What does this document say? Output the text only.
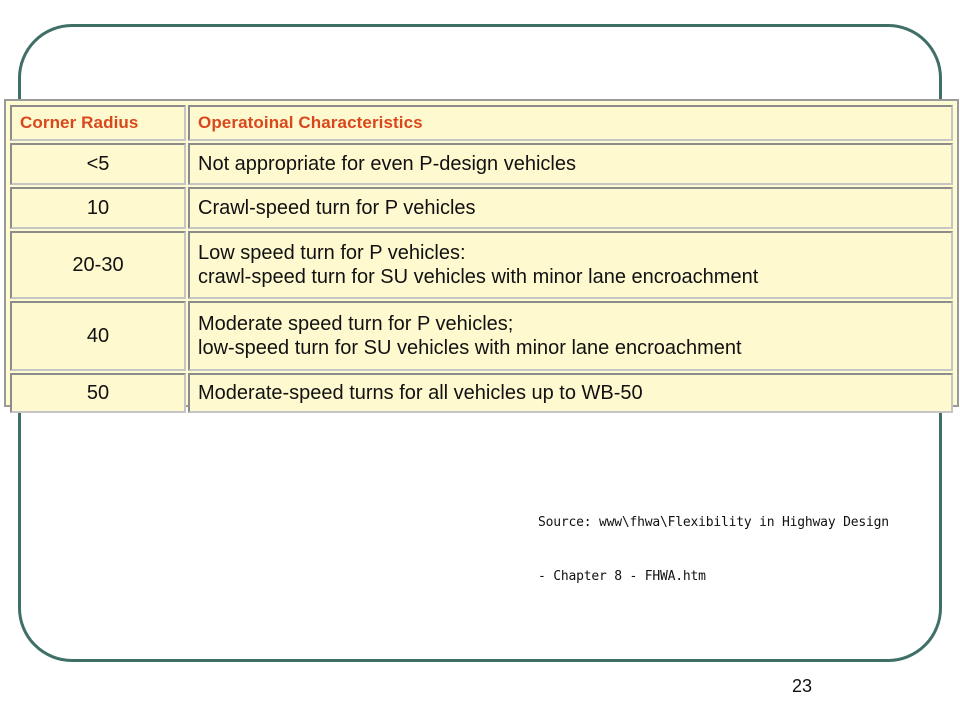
Corner Radius	Operatoinal Characteristics
<5	Not appropriate for even P-design vehicles

10	Crawl-speed turn for P vehicles

20-30	Low speed turn for P vehicles:
crawl-speed turn for SU vehicles with minor lane encroachment

40	Moderate speed turn for P vehicles;
low-speed turn for SU vehicles with minor lane encroachment

50	Moderate-speed turns for all vehicles up to WB-50

Source: www\fhwa\Flexibility in Highway Design

- Chapter 8 - FHWA.htm

23
